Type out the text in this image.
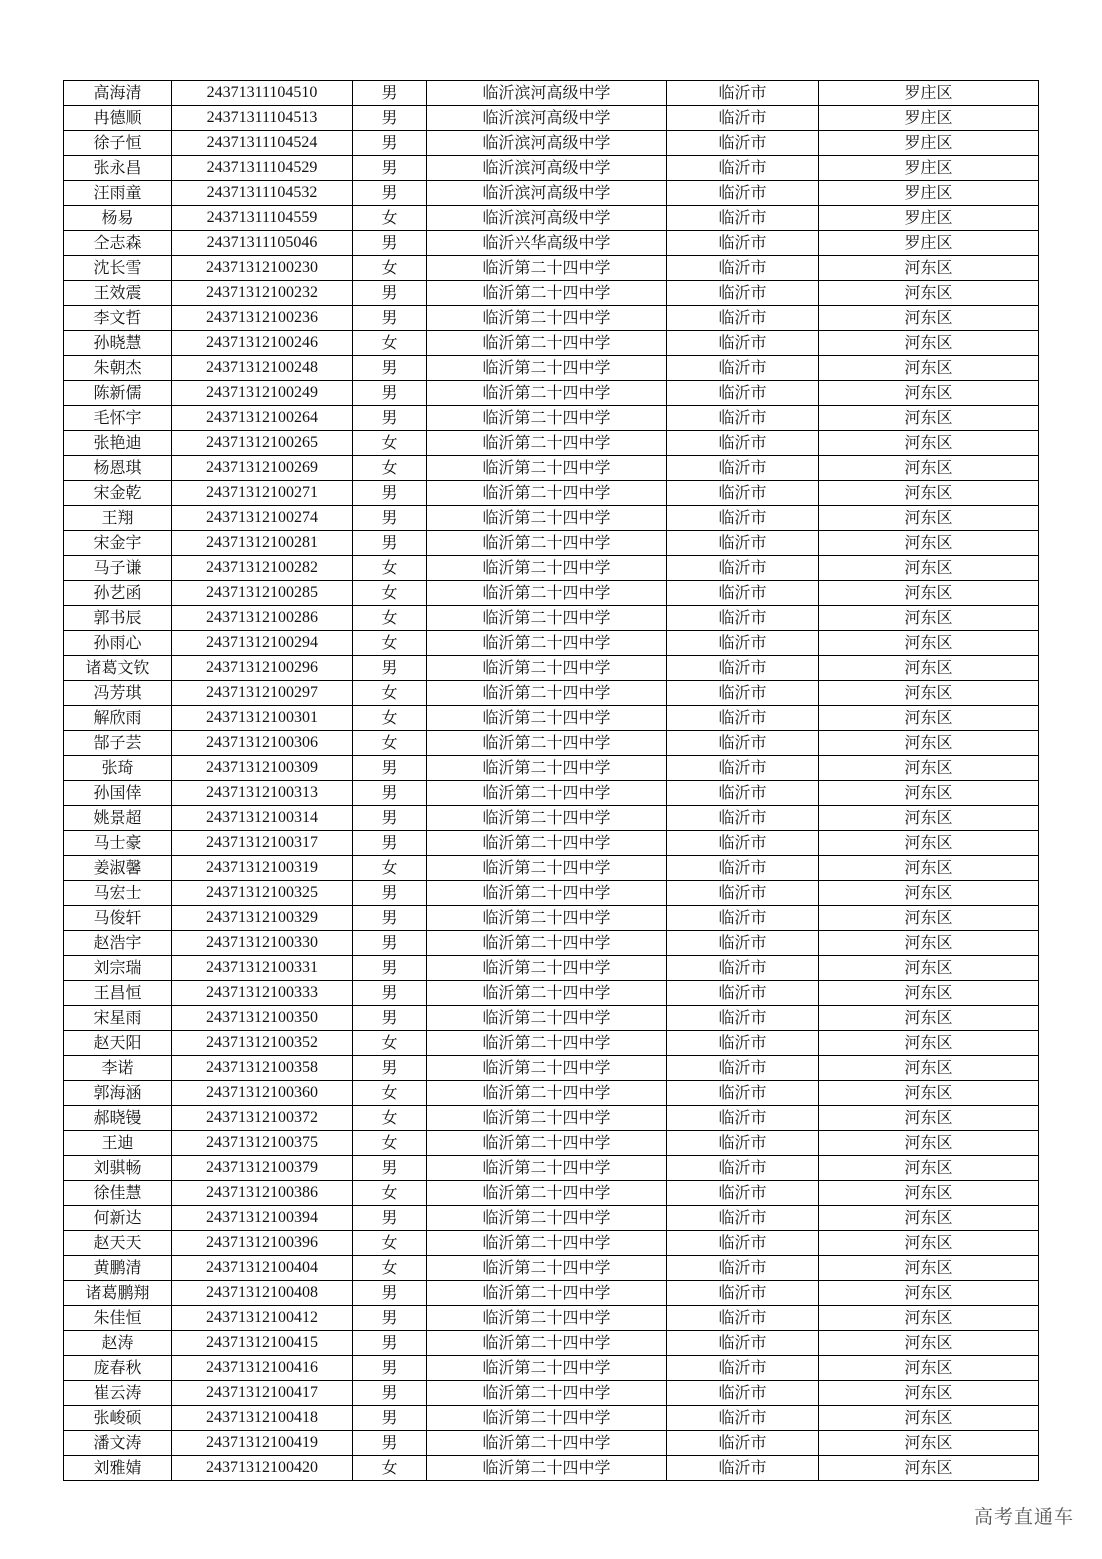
高海清	24371311104510	男	临沂滨河高级中学	临沂市	罗庄区
冉德顺	24371311104513	男	临沂滨河高级中学	临沂市	罗庄区
徐子恒	24371311104524	男	临沂滨河高级中学	临沂市	罗庄区
张永昌	24371311104529	男	临沂滨河高级中学	临沂市	罗庄区
汪雨童	24371311104532	男	临沂滨河高级中学	临沂市	罗庄区
杨易	24371311104559	女	临沂滨河高级中学	临沂市	罗庄区
仝志森	24371311105046	男	临沂兴华高级中学	临沂市	罗庄区
沈长雪	24371312100230	女	临沂第二十四中学	临沂市	河东区
王效震	24371312100232	男	临沂第二十四中学	临沂市	河东区
李文哲	24371312100236	男	临沂第二十四中学	临沂市	河东区
孙晓慧	24371312100246	女	临沂第二十四中学	临沂市	河东区
朱朝杰	24371312100248	男	临沂第二十四中学	临沂市	河东区
陈新儒	24371312100249	男	临沂第二十四中学	临沂市	河东区
毛怀宇	24371312100264	男	临沂第二十四中学	临沂市	河东区
张艳迪	24371312100265	女	临沂第二十四中学	临沂市	河东区
杨恩琪	24371312100269	女	临沂第二十四中学	临沂市	河东区
宋金乾	24371312100271	男	临沂第二十四中学	临沂市	河东区
王翔	24371312100274	男	临沂第二十四中学	临沂市	河东区
宋金宇	24371312100281	男	临沂第二十四中学	临沂市	河东区
马子谦	24371312100282	女	临沂第二十四中学	临沂市	河东区
孙艺函	24371312100285	女	临沂第二十四中学	临沂市	河东区
郭书辰	24371312100286	女	临沂第二十四中学	临沂市	河东区
孙雨心	24371312100294	女	临沂第二十四中学	临沂市	河东区
诸葛文钦	24371312100296	男	临沂第二十四中学	临沂市	河东区
冯芳琪	24371312100297	女	临沂第二十四中学	临沂市	河东区
解欣雨	24371312100301	女	临沂第二十四中学	临沂市	河东区
郜子芸	24371312100306	女	临沂第二十四中学	临沂市	河东区
张琦	24371312100309	男	临沂第二十四中学	临沂市	河东区
孙国倖	24371312100313	男	临沂第二十四中学	临沂市	河东区
姚景超	24371312100314	男	临沂第二十四中学	临沂市	河东区
马士豪	24371312100317	男	临沂第二十四中学	临沂市	河东区
姜淑馨	24371312100319	女	临沂第二十四中学	临沂市	河东区
马宏士	24371312100325	男	临沂第二十四中学	临沂市	河东区
马俊轩	24371312100329	男	临沂第二十四中学	临沂市	河东区
赵浩宇	24371312100330	男	临沂第二十四中学	临沂市	河东区
刘宗瑞	24371312100331	男	临沂第二十四中学	临沂市	河东区
王昌恒	24371312100333	男	临沂第二十四中学	临沂市	河东区
宋星雨	24371312100350	男	临沂第二十四中学	临沂市	河东区
赵天阳	24371312100352	女	临沂第二十四中学	临沂市	河东区
李诺	24371312100358	男	临沂第二十四中学	临沂市	河东区
郭海涵	24371312100360	女	临沂第二十四中学	临沂市	河东区
郝晓镘	24371312100372	女	临沂第二十四中学	临沂市	河东区
王迪	24371312100375	女	临沂第二十四中学	临沂市	河东区
刘骐畅	24371312100379	男	临沂第二十四中学	临沂市	河东区
徐佳慧	24371312100386	女	临沂第二十四中学	临沂市	河东区
何新达	24371312100394	男	临沂第二十四中学	临沂市	河东区
赵天天	24371312100396	女	临沂第二十四中学	临沂市	河东区
黄鹏清	24371312100404	女	临沂第二十四中学	临沂市	河东区
诸葛鹏翔	24371312100408	男	临沂第二十四中学	临沂市	河东区
朱佳恒	24371312100412	男	临沂第二十四中学	临沂市	河东区
赵涛	24371312100415	男	临沂第二十四中学	临沂市	河东区
庞春秋	24371312100416	男	临沂第二十四中学	临沂市	河东区
崔云涛	24371312100417	男	临沂第二十四中学	临沂市	河东区
张峻硕	24371312100418	男	临沂第二十四中学	临沂市	河东区
潘文涛	24371312100419	男	临沂第二十四中学	临沂市	河东区
刘雅婧	24371312100420	女	临沂第二十四中学	临沂市	河东区
高考直通车
